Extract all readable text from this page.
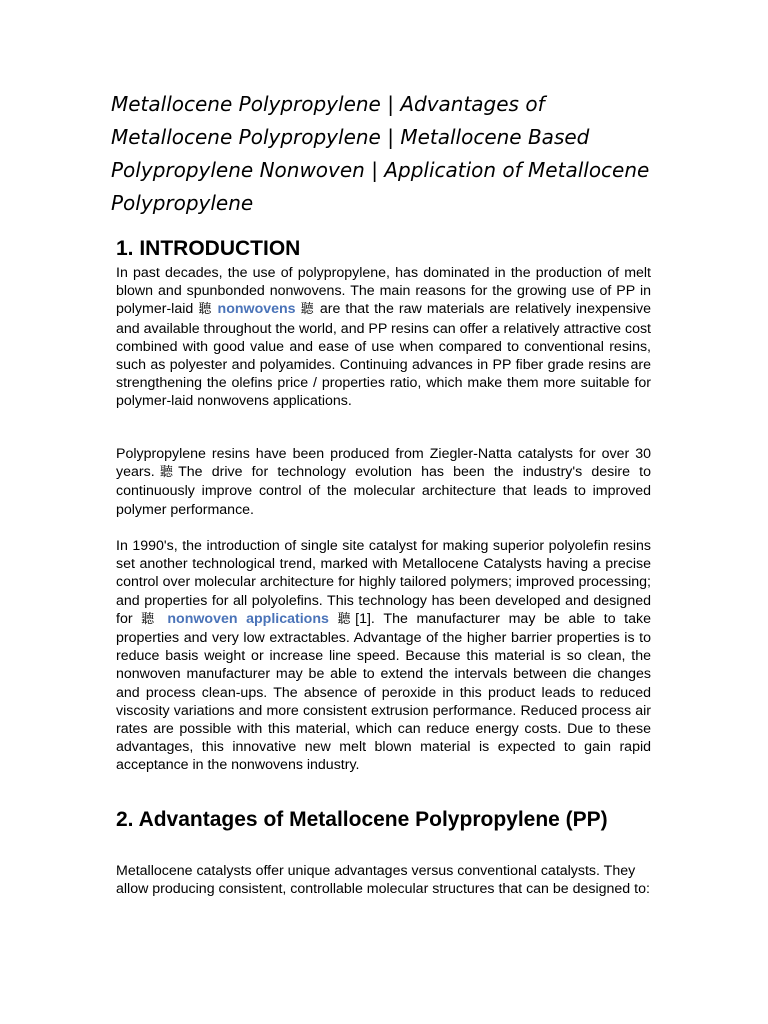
Metallocene Polypropylene | Advantages of Metallocene Polypropylene | Metallocene Based Polypropylene Nonwoven | Application of Metallocene Polypropylene
1. INTRODUCTION

In past decades, the use of polypropylene, has dominated in the production of melt blown and spunbonded nonwovens. The main reasons for the growing use of PP in polymer-laid 聽 nonwovens 聽 are that the raw materials are relatively inexpensive and available throughout the world, and PP resins can offer a relatively attractive cost combined with good value and ease of use when compared to conventional resins, such as polyester and polyamides. Continuing advances in PP fiber grade resins are strengthening the olefins price / properties ratio, which make them more suitable for polymer-laid nonwovens applications.

Polypropylene resins have been produced from Ziegler-Natta catalysts for over 30 years.聽The drive for technology evolution has been the industry's desire to continuously improve control of the molecular architecture that leads to improved polymer performance.

In 1990's, the introduction of single site catalyst for making superior polyolefin resins set another technological trend, marked with Metallocene Catalysts having a precise control over molecular architecture for highly tailored polymers; improved processing; and properties for all polyolefins. This technology has been developed and designed for 聽 nonwoven applications 聽[1]. The manufacturer may be able to take properties and very low extractables. Advantage of the higher barrier properties is to reduce basis weight or increase line speed. Because this material is so clean, the nonwoven manufacturer may be able to extend the intervals between die changes and process clean-ups. The absence of peroxide in this product leads to reduced viscosity variations and more consistent extrusion performance. Reduced process air rates are possible with this material, which can reduce energy costs. Due to these advantages, this innovative new melt blown material is expected to gain rapid acceptance in the nonwovens industry.

2. Advantages of Metallocene Polypropylene (PP)

Metallocene catalysts offer unique advantages versus conventional catalysts. They allow producing consistent, controllable molecular structures that can be designed to:
